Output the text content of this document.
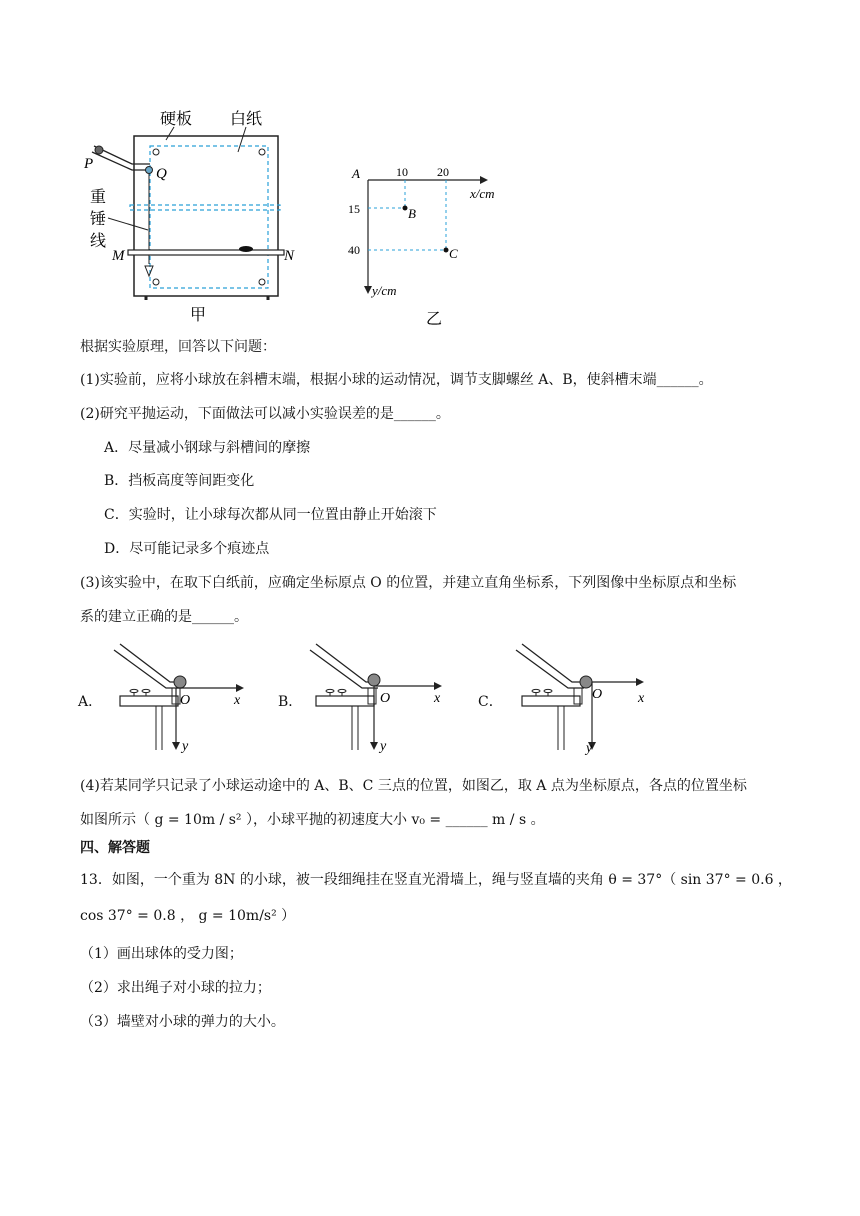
硬板 白纸
P
Q
重
锤
线
M	N
甲
A	10 20
x/cm
15
40
y/cm
B
C
乙
根据实验原理，回答以下问题：
(1)实验前，应将小球放在斜槽末端，根据小球的运动情况，调节支脚螺丝 A、B，使斜槽末端______。
(2)研究平抛运动，下面做法可以减小实验误差的是______。
A．尽量减小钢球与斜槽间的摩擦
B．挡板高度等间距变化
C．实验时，让小球每次都从同一位置由静止开始滚下
D．尽可能记录多个痕迹点
(3)该实验中，在取下白纸前，应确定坐标原点 O 的位置，并建立直角坐标系，下列图像中坐标原点和坐标
系的建立正确的是______。
A．	O	x
y
B．	O	x
y
C．	O	x
y
(4)若某同学只记录了小球运动途中的 A、B、C 三点的位置，如图乙，取 A 点为坐标原点，各点的位置坐标
如图所示（ g = 10m / s² ），小球平抛的初速度大小 v₀ = ______ m / s 。
四、解答题
13．如图，一个重为 8N 的小球，被一段细绳挂在竖直光滑墙上，绳与竖直墙的夹角 θ = 37°（ sin 37° = 0.6 ，
cos 37° = 0.8 ， g = 10m/s² ）
（1）画出球体的受力图；
（2）求出绳子对小球的拉力；
（3）墙壁对小球的弹力的大小。
